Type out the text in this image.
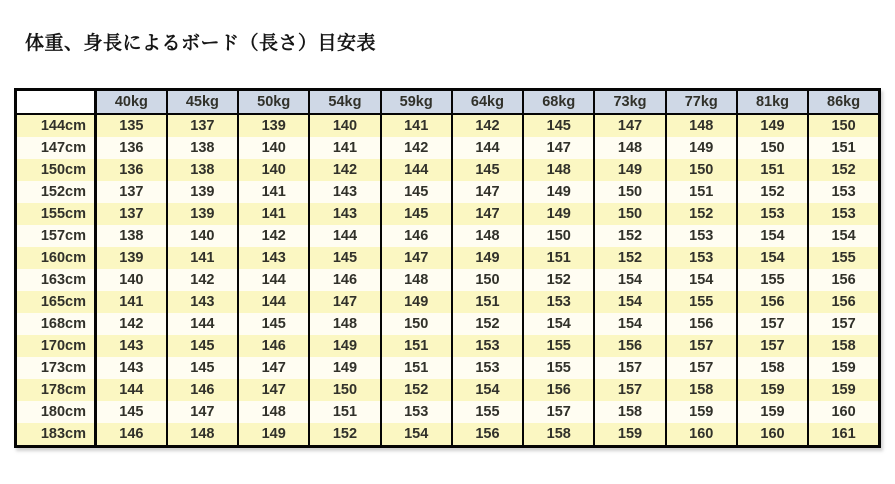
体重、身長によるボード（長さ）目安表
	40kg	45kg	50kg	54kg	59kg	64kg	68kg	73kg	77kg	81kg	86kg
144cm	135	137	139	140	141	142	145	147	148	149	150
147cm	136	138	140	141	142	144	147	148	149	150	151
150cm	136	138	140	142	144	145	148	149	150	151	152
152cm	137	139	141	143	145	147	149	150	151	152	153
155cm	137	139	141	143	145	147	149	150	152	153	153
157cm	138	140	142	144	146	148	150	152	153	154	154
160cm	139	141	143	145	147	149	151	152	153	154	155
163cm	140	142	144	146	148	150	152	154	154	155	156
165cm	141	143	144	147	149	151	153	154	155	156	156
168cm	142	144	145	148	150	152	154	154	156	157	157
170cm	143	145	146	149	151	153	155	156	157	157	158
173cm	143	145	147	149	151	153	155	157	157	158	159
178cm	144	146	147	150	152	154	156	157	158	159	159
180cm	145	147	148	151	153	155	157	158	159	159	160
183cm	146	148	149	152	154	156	158	159	160	160	161
